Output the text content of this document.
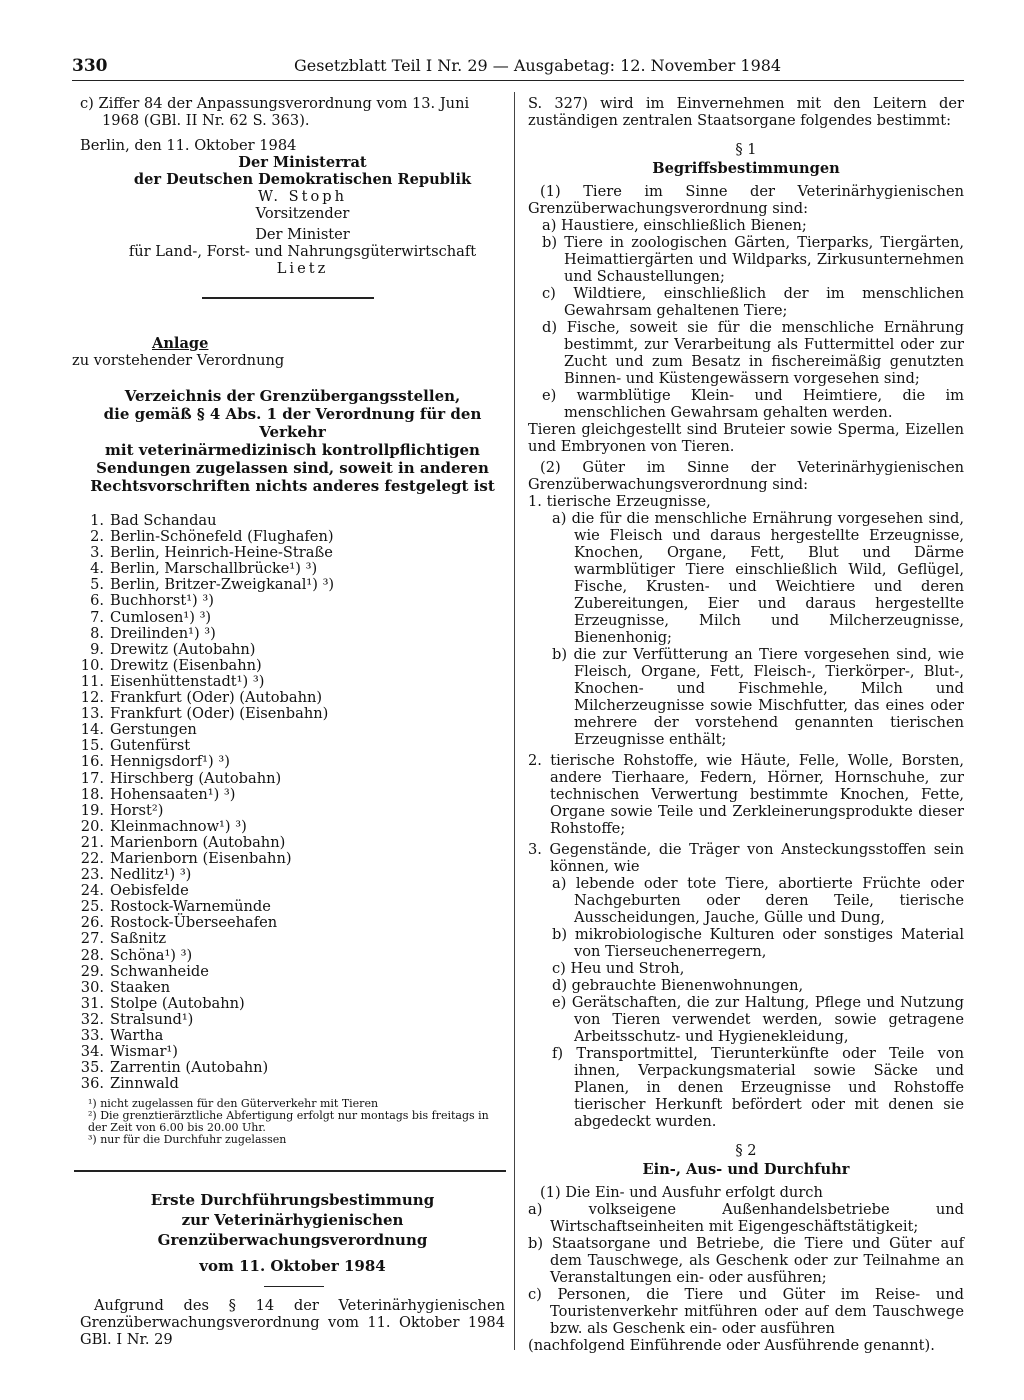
330	Gesetzblatt Teil I Nr. 29 — Ausgabetag: 12. November 1984

c) Ziffer 84 der Anpassungsverordnung vom 13. Juni 1968 (GBl. II Nr. 62 S. 363).

Berlin, den 11. Oktober 1984

Der Ministerrat

der Deutschen Demokratischen Republik

W. Stoph

Vorsitzender

Der Minister

für Land-, Forst- und Nahrungsgüterwirtschaft

Lietz

Anlage

zu vorstehender Verordnung

Verzeichnis der Grenzübergangsstellen,

die gemäß § 4 Abs. 1 der Verordnung für den Verkehr

mit veterinärmedizinisch kontrollpflichtigen

Sendungen zugelassen sind, soweit in anderen

Rechtsvorschriften nichts anderes festgelegt ist

1. Bad Schandau
2. Berlin-Schönefeld (Flughafen)
3. Berlin, Heinrich-Heine-Straße
4. Berlin, Marschallbrücke¹) ³)
5. Berlin, Britzer-Zweigkanal¹) ³)
6. Buchhorst¹) ³)
7. Cumlosen¹) ³)
8. Dreilinden¹) ³)
9. Drewitz (Autobahn)
10. Drewitz (Eisenbahn)
11. Eisenhüttenstadt¹) ³)
12. Frankfurt (Oder) (Autobahn)
13. Frankfurt (Oder) (Eisenbahn)
14. Gerstungen
15. Gutenfürst
16. Hennigsdorf¹) ³)
17. Hirschberg (Autobahn)
18. Hohensaaten¹) ³)
19. Horst²)
20. Kleinmachnow¹) ³)
21. Marienborn (Autobahn)
22. Marienborn (Eisenbahn)
23. Nedlitz¹) ³)
24. Oebisfelde
25. Rostock-Warnemünde
26. Rostock-Überseehafen
27. Saßnitz
28. Schöna¹) ³)
29. Schwanheide
30. Staaken
31. Stolpe (Autobahn)
32. Stralsund¹)
33. Wartha
34. Wismar¹)
35. Zarrentin (Autobahn)
36. Zinnwald

¹) nicht zugelassen für den Güterverkehr mit Tieren

²) Die grenztierärztliche Abfertigung erfolgt nur montags bis freitags in der Zeit von 6.00 bis 20.00 Uhr.

³) nur für die Durchfuhr zugelassen

Erste Durchführungsbestimmung

zur Veterinärhygienischen

Grenzüberwachungsverordnung

vom 11. Oktober 1984

Aufgrund des § 14 der Veterinärhygienischen Grenzüberwachungsverordnung vom 11. Oktober 1984 GBl. I Nr. 29

S. 327) wird im Einvernehmen mit den Leitern der zuständigen zentralen Staatsorgane folgendes bestimmt:

§ 1

Begriffsbestimmungen

(1) Tiere im Sinne der Veterinärhygienischen Grenzüberwachungsverordnung sind:

a) Haustiere, einschließlich Bienen;

b) Tiere in zoologischen Gärten, Tierparks, Tiergärten, Heimattiergärten und Wildparks, Zirkusunternehmen und Schaustellungen;

c) Wildtiere, einschließlich der im menschlichen Gewahrsam gehaltenen Tiere;

d) Fische, soweit sie für die menschliche Ernährung bestimmt, zur Verarbeitung als Futtermittel oder zur Zucht und zum Besatz in fischereimäßig genutzten Binnen- und Küstengewässern vorgesehen sind;

e) warmblütige Klein- und Heimtiere, die im menschlichen Gewahrsam gehalten werden.

Tieren gleichgestellt sind Bruteier sowie Sperma, Eizellen und Embryonen von Tieren.

(2) Güter im Sinne der Veterinärhygienischen Grenzüberwachungsverordnung sind:

1. tierische Erzeugnisse,

a) die für die menschliche Ernährung vorgesehen sind, wie Fleisch und daraus hergestellte Erzeugnisse, Knochen, Organe, Fett, Blut und Därme warmblütiger Tiere einschließlich Wild, Geflügel, Fische, Krusten- und Weichtiere und deren Zubereitungen, Eier und daraus hergestellte Erzeugnisse, Milch und Milcherzeugnisse, Bienenhonig;

b) die zur Verfütterung an Tiere vorgesehen sind, wie Fleisch, Organe, Fett, Fleisch-, Tierkörper-, Blut-, Knochen- und Fischmehle, Milch und Milcherzeugnisse sowie Mischfutter, das eines oder mehrere der vorstehend genannten tierischen Erzeugnisse enthält;

2. tierische Rohstoffe, wie Häute, Felle, Wolle, Borsten, andere Tierhaare, Federn, Hörner, Hornschuhe, zur technischen Verwertung bestimmte Knochen, Fette, Organe sowie Teile und Zerkleinerungsprodukte dieser Rohstoffe;

3. Gegenstände, die Träger von Ansteckungsstoffen sein können, wie

a) lebende oder tote Tiere, abortierte Früchte oder Nachgeburten oder deren Teile, tierische Ausscheidungen, Jauche, Gülle und Dung,

b) mikrobiologische Kulturen oder sonstiges Material von Tierseuchenerregern,

c) Heu und Stroh,

d) gebrauchte Bienenwohnungen,

e) Gerätschaften, die zur Haltung, Pflege und Nutzung von Tieren verwendet werden, sowie getragene Arbeitsschutz- und Hygienekleidung,

f) Transportmittel, Tierunterkünfte oder Teile von ihnen, Verpackungsmaterial sowie Säcke und Planen, in denen Erzeugnisse und Rohstoffe tierischer Herkunft befördert oder mit denen sie abgedeckt wurden.

§ 2

Ein-, Aus- und Durchfuhr

(1) Die Ein- und Ausfuhr erfolgt durch

a) volkseigene Außenhandelsbetriebe und Wirtschaftseinheiten mit Eigengeschäftstätigkeit;

b) Staatsorgane und Betriebe, die Tiere und Güter auf dem Tauschwege, als Geschenk oder zur Teilnahme an Veranstaltungen ein- oder ausführen;

c) Personen, die Tiere und Güter im Reise- und Touristenverkehr mitführen oder auf dem Tauschwege bzw. als Geschenk ein- oder ausführen

(nachfolgend Einführende oder Ausführende genannt).
